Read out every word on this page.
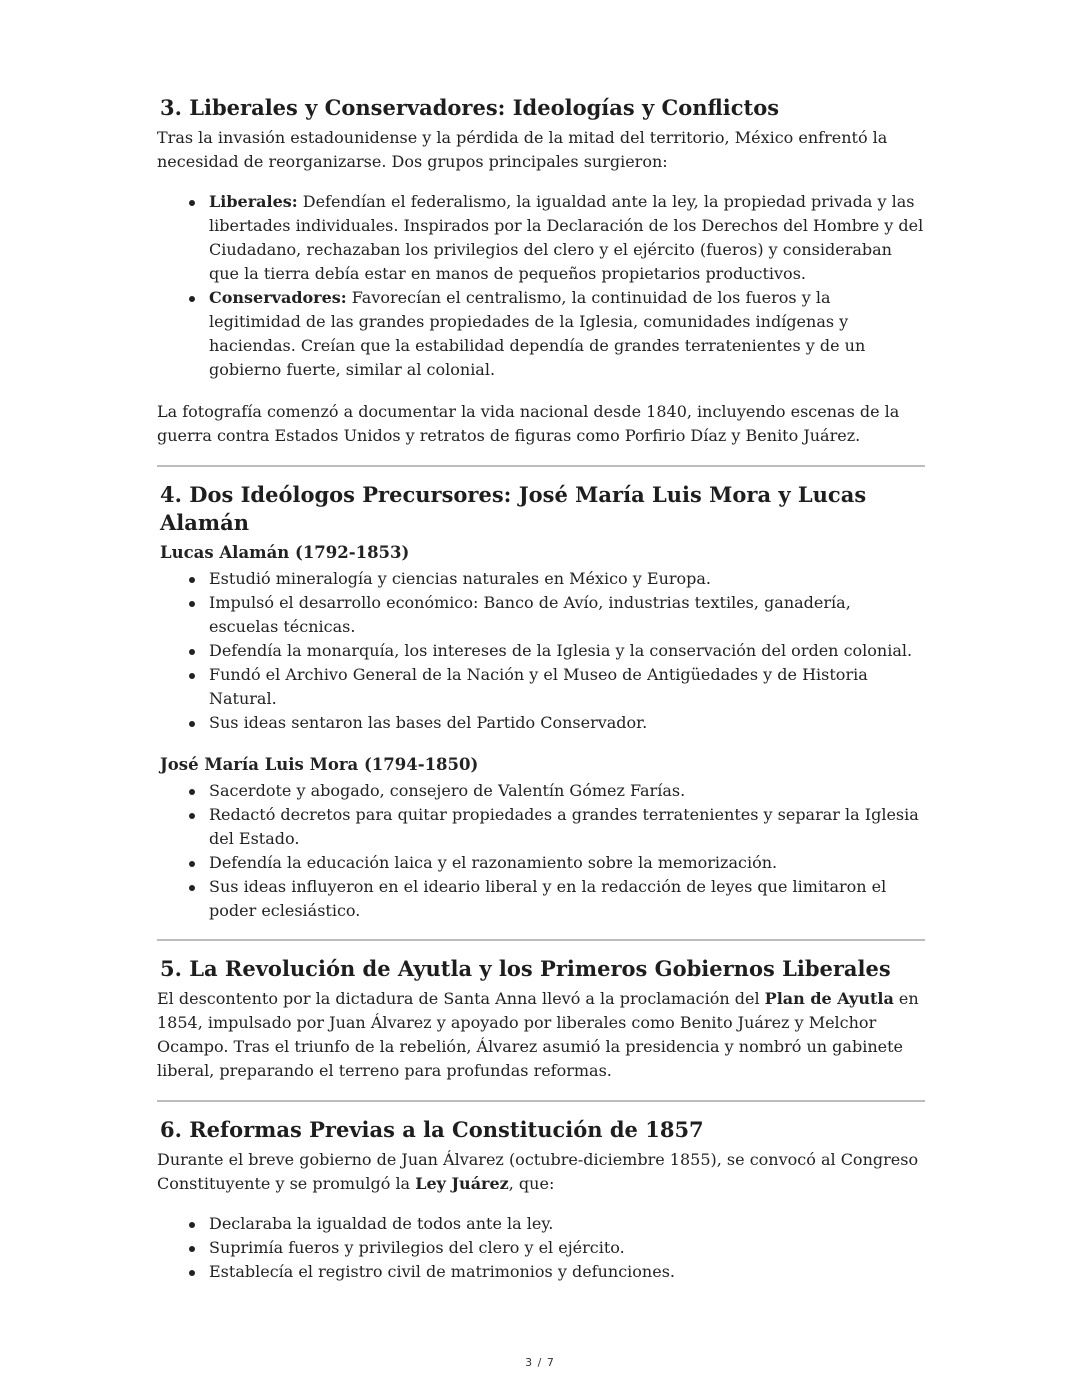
3. Liberales y Conservadores: Ideologías y Conflictos

Tras la invasión estadounidense y la pérdida de la mitad del territorio, México enfrentó la necesidad de reorganizarse. Dos grupos principales surgieron:

Liberales: Defendían el federalismo, la igualdad ante la ley, la propiedad privada y las libertades individuales. Inspirados por la Declaración de los Derechos del Hombre y del Ciudadano, rechazaban los privilegios del clero y el ejército (fueros) y consideraban que la tierra debía estar en manos de pequeños propietarios productivos.
Conservadores: Favorecían el centralismo, la continuidad de los fueros y la legitimidad de las grandes propiedades de la Iglesia, comunidades indígenas y haciendas. Creían que la estabilidad dependía de grandes terratenientes y de un gobierno fuerte, similar al colonial.

La fotografía comenzó a documentar la vida nacional desde 1840, incluyendo escenas de la guerra contra Estados Unidos y retratos de figuras como Porfirio Díaz y Benito Juárez.

4. Dos Ideólogos Precursores: José María Luis Mora y Lucas Alamán
Lucas Alamán (1792-1853)
Estudió mineralogía y ciencias naturales en México y Europa.
Impulsó el desarrollo económico: Banco de Avío, industrias textiles, ganadería, escuelas técnicas.
Defendía la monarquía, los intereses de la Iglesia y la conservación del orden colonial.
Fundó el Archivo General de la Nación y el Museo de Antigüedades y de Historia Natural.
Sus ideas sentaron las bases del Partido Conservador.
José María Luis Mora (1794-1850)
Sacerdote y abogado, consejero de Valentín Gómez Farías.
Redactó decretos para quitar propiedades a grandes terratenientes y separar la Iglesia del Estado.
Defendía la educación laica y el razonamiento sobre la memorización.
Sus ideas influyeron en el ideario liberal y en la redacción de leyes que limitaron el poder eclesiástico.
5. La Revolución de Ayutla y los Primeros Gobiernos Liberales

El descontento por la dictadura de Santa Anna llevó a la proclamación del Plan de Ayutla en 1854, impulsado por Juan Álvarez y apoyado por liberales como Benito Juárez y Melchor Ocampo. Tras el triunfo de la rebelión, Álvarez asumió la presidencia y nombró un gabinete liberal, preparando el terreno para profundas reformas.

6. Reformas Previas a la Constitución de 1857

Durante el breve gobierno de Juan Álvarez (octubre-diciembre 1855), se convocó al Congreso Constituyente y se promulgó la Ley Juárez, que:

Declaraba la igualdad de todos ante la ley.
Suprimía fueros y privilegios del clero y el ejército.
Establecía el registro civil de matrimonios y defunciones.
3 / 7
